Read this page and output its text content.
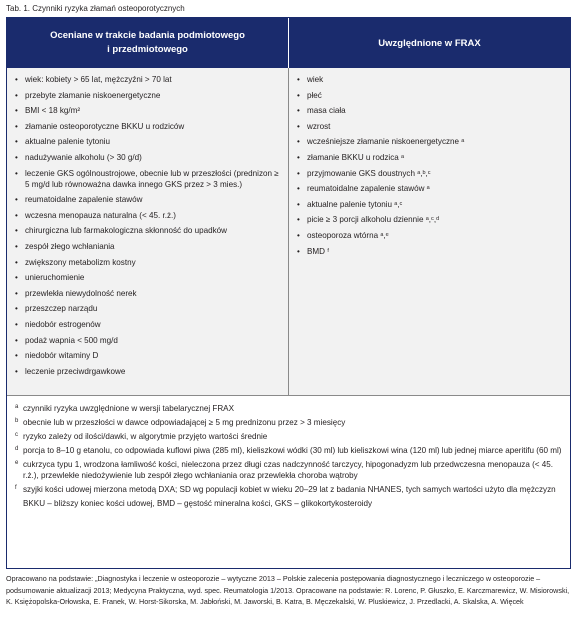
Tab. 1. Czynniki ryzyka złamań osteoporotycznych
Oceniane w trakcie badania podmiotowego
i przedmiotowego
Uwzględnione w FRAX
• wiek: kobiety > 65 lat, mężczyźni > 70 lat
• przebyte złamanie niskoenergetyczne
• BMI < 18 kg/m²
• złamanie osteoporotyczne BKKU u rodziców
• aktualne palenie tytoniu
• nadużywanie alkoholu (> 30 g/d)
• leczenie GKS ogólnoustrojowe, obecnie lub w przeszłości (prednizon ≥ 5 mg/d lub równoważna dawka innego GKS przez > 3 mies.)
• reumatoidalne zapalenie stawów
• wczesna menopauza naturalna (< 45. r.ż.)
• chirurgiczna lub farmakologiczna skłonność do upadków
• zespół złego wchłaniania
• zwiększony metabolizm kostny
• unieruchomienie
• przewlekła niewydolność nerek
• przeszczep narządu
• niedobór estrogenów
• podaż wapnia < 500 mg/d
• niedobór witaminy D
• leczenie przeciwdrgawkowe
• wiek
• płeć
• masa ciała
• wzrost
• wcześniejsze złamanie niskoenergetyczne ᵃ
• złamanie BKKU u rodzica ᵃ
• przyjmowanie GKS doustnych ᵃ,ᵇ,ᶜ
• reumatoidalne zapalenie stawów ᵃ
• aktualne palenie tytoniu ᵃ,ᶜ
• picie ≥ 3 porcji alkoholu dziennie ᵃ,ᶜ,ᵈ
• osteoporoza wtórna ᵃ,ᵉ
• BMD ᶠ
a czynniki ryzyka uwzględnione w wersji tabelarycznej FRAX
b obecnie lub w przeszłości w dawce odpowiadającej ≥ 5 mg prednizonu przez > 3 miesięcy
c ryzyko zależy od ilości/dawki, w algorytmie przyjęto wartości średnie
d porcja to 8–10 g etanolu, co odpowiada kuflowi piwa (285 ml), kieliszkowi wódki (30 ml) lub kieliszkowi wina (120 ml) lub jednej miarce aperitifu (60 ml)
e cukrzyca typu 1, wrodzona łamliwość kości, nieleczona przez długi czas nadczynność tarczycy, hipogonadyzm lub przedwczesna menopauza (< 45. r.ż.), przewlekłe niedożywienie lub zespół złego wchłaniania oraz przewlekła choroba wątroby
f szyjki kości udowej mierzona metodą DXA; SD wg populacji kobiet w wieku 20–29 lat z badania NHANES, tych samych wartości użyto dla mężczyzn
BKKU – bliższy koniec kości udowej, BMD – gęstość mineralna kości, GKS – glikokortykosteroidy
Opracowano na podstawie: „Diagnostyka i leczenie w osteoporozie – wytyczne 2013 – Polskie zalecenia postępowania diagnostycznego i leczniczego w osteoporozie – podsumowanie aktualizacji 2013; Medycyna Praktyczna, wyd. spec. Reumatologia 1/2013. Opracowane na podstawie: R. Lorenc, P. Głuszko, E. Karczmarewicz, W. Misiorowski, K. Księżopolska-Orłowska, E. Franek, W. Horst-Sikorska, M. Jabłoński, M. Jaworski, B. Katra, B. Męczekalski, W. Pluskiewicz, J. Przedlacki, A. Skalska, A. Więcek
